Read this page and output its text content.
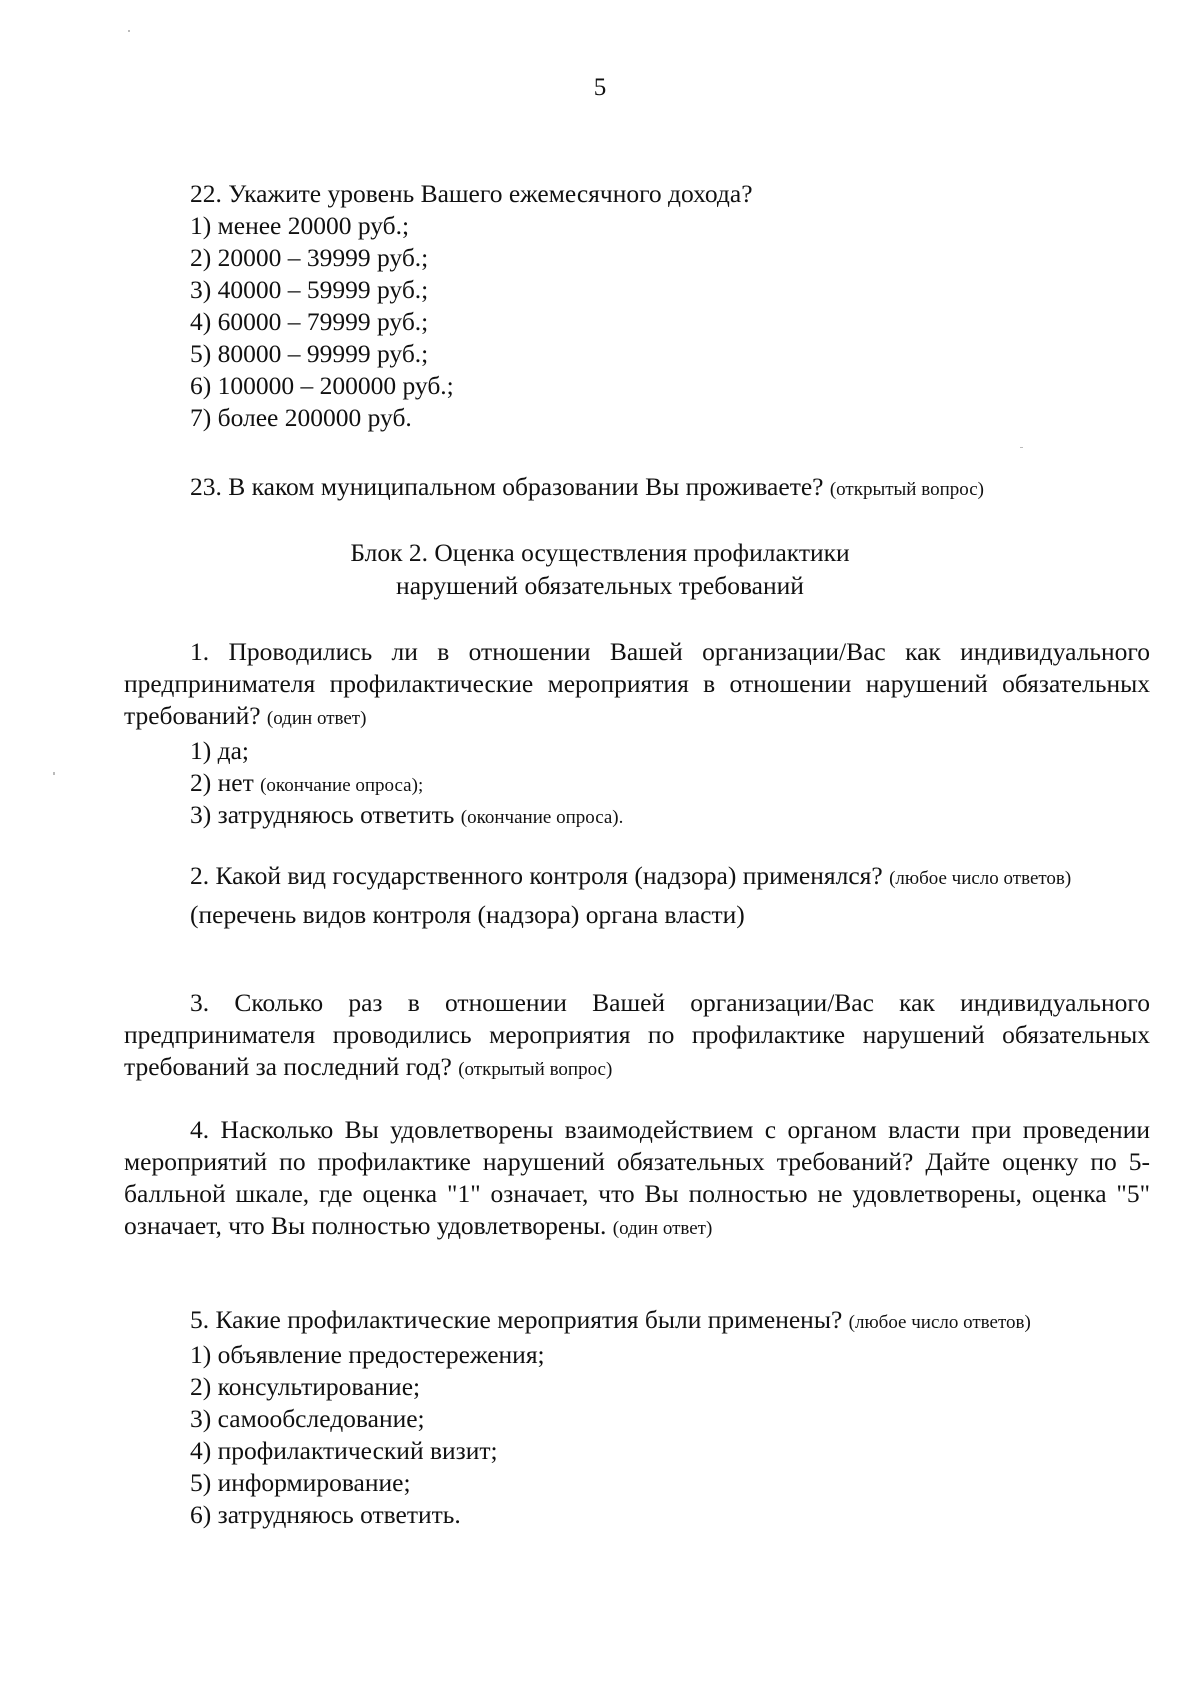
5
22. Укажите уровень Вашего ежемесячного дохода?
1) менее 20000 руб.;
2) 20000 – 39999 руб.;
3) 40000 – 59999 руб.;
4) 60000 – 79999 руб.;
5) 80000 – 99999 руб.;
6) 100000 – 200000 руб.;
7) более 200000 руб.
23. В каком муниципальном образовании Вы проживаете? (открытый вопрос)
Блок 2. Оценка осуществления профилактики
нарушений обязательных требований
1. Проводились ли в отношении Вашей организации/Вас как индивидуального предпринимателя профилактические мероприятия в отношении нарушений обязательных требований? (один ответ)
1) да;
2) нет (окончание опроса);
3) затрудняюсь ответить (окончание опроса).
2. Какой вид государственного контроля (надзора) применялся? (любое число ответов)
(перечень видов контроля (надзора) органа власти)
3. Сколько раз в отношении Вашей организации/Вас как индивидуального предпринимателя проводились мероприятия по профилактике нарушений обязательных требований за последний год? (открытый вопрос)
4. Насколько Вы удовлетворены взаимодействием с органом власти при проведении мероприятий по профилактике нарушений обязательных требований? Дайте оценку по 5-балльной шкале, где оценка "1" означает, что Вы полностью не удовлетворены, оценка "5" означает, что Вы полностью удовлетворены. (один ответ)
5. Какие профилактические мероприятия были применены? (любое число ответов)
1) объявление предостережения;
2) консультирование;
3) самообследование;
4) профилактический визит;
5) информирование;
6) затрудняюсь ответить.
